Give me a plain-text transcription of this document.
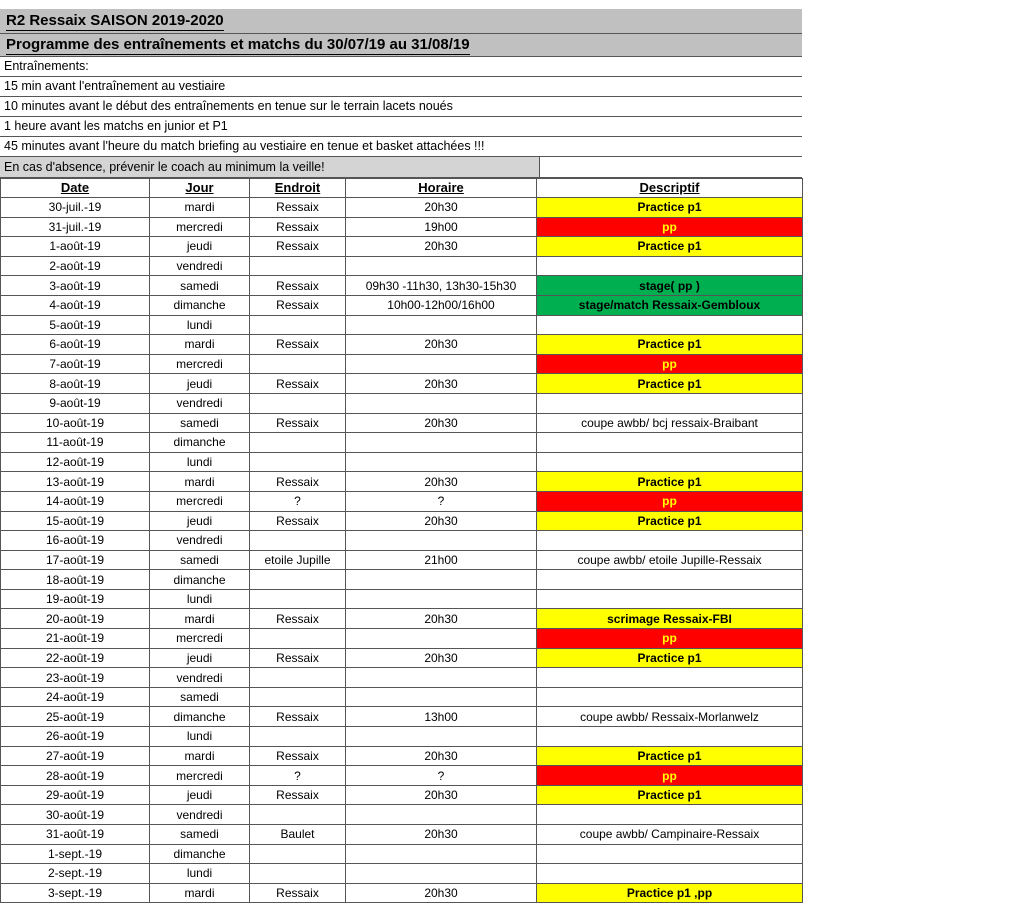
R2 Ressaix SAISON 2019-2020
Programme des entraînements et matchs du 30/07/19 au 31/08/19
Entraînements:
15 min avant l'entraînement au vestiaire
10 minutes avant le début des entraînements en tenue sur le terrain lacets noués
1 heure avant les matchs en junior et P1
45 minutes avant l'heure du match briefing au vestiaire en tenue et basket attachées !!!
En cas d'absence, prévenir le coach au minimum la veille!
Date	Jour	Endroit	Horaire	Descriptif
30-juil.-19	mardi	Ressaix	20h30	Practice p1
31-juil.-19	mercredi	Ressaix	19h00	pp
1-août-19	jeudi	Ressaix	20h30	Practice p1
2-août-19	vendredi			
3-août-19	samedi	Ressaix	09h30 -11h30, 13h30-15h30	stage( pp )
4-août-19	dimanche	Ressaix	10h00-12h00/16h00	stage/match Ressaix-Gembloux
5-août-19	lundi			
6-août-19	mardi	Ressaix	20h30	Practice p1
7-août-19	mercredi			pp
8-août-19	jeudi	Ressaix	20h30	Practice p1
9-août-19	vendredi			
10-août-19	samedi	Ressaix	20h30	coupe awbb/ bcj ressaix-Braibant
11-août-19	dimanche			
12-août-19	lundi			
13-août-19	mardi	Ressaix	20h30	Practice p1
14-août-19	mercredi	?	?	pp
15-août-19	jeudi	Ressaix	20h30	Practice p1
16-août-19	vendredi			
17-août-19	samedi	etoile Jupille	21h00	coupe awbb/ etoile Jupille-Ressaix
18-août-19	dimanche			
19-août-19	lundi			
20-août-19	mardi	Ressaix	20h30	scrimage Ressaix-FBI
21-août-19	mercredi			pp
22-août-19	jeudi	Ressaix	20h30	Practice p1
23-août-19	vendredi			
24-août-19	samedi			
25-août-19	dimanche	Ressaix	13h00	coupe awbb/ Ressaix-Morlanwelz
26-août-19	lundi			
27-août-19	mardi	Ressaix	20h30	Practice p1
28-août-19	mercredi	?	?	pp
29-août-19	jeudi	Ressaix	20h30	Practice p1
30-août-19	vendredi			
31-août-19	samedi	Baulet	20h30	coupe awbb/ Campinaire-Ressaix
1-sept.-19	dimanche			
2-sept.-19	lundi			
3-sept.-19	mardi	Ressaix	20h30	Practice p1 ,pp
